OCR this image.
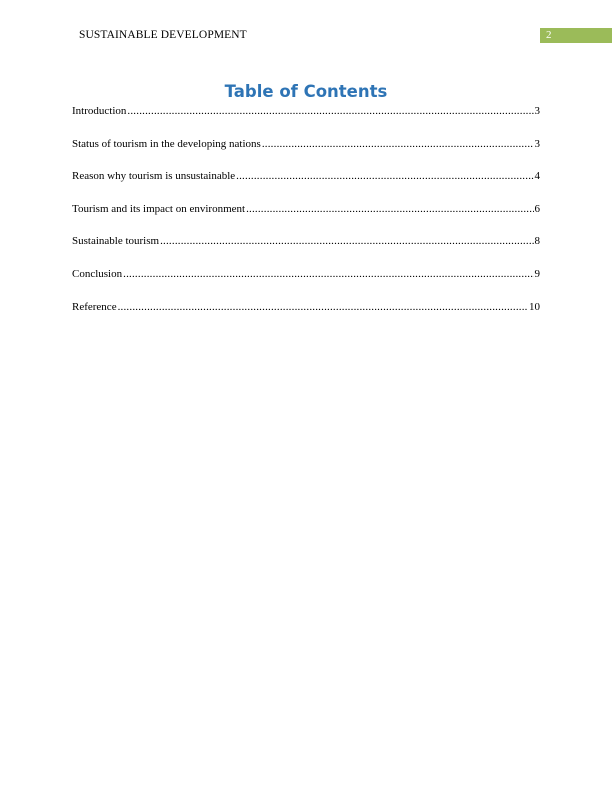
SUSTAINABLE DEVELOPMENT	2
Table of Contents
Introduction .....	3
Status of tourism in the developing nations .....	3
Reason why tourism is unsustainable .....	4
Tourism and its impact on environment .....	6
Sustainable tourism .....	8
Conclusion .....	9
Reference .....	10
